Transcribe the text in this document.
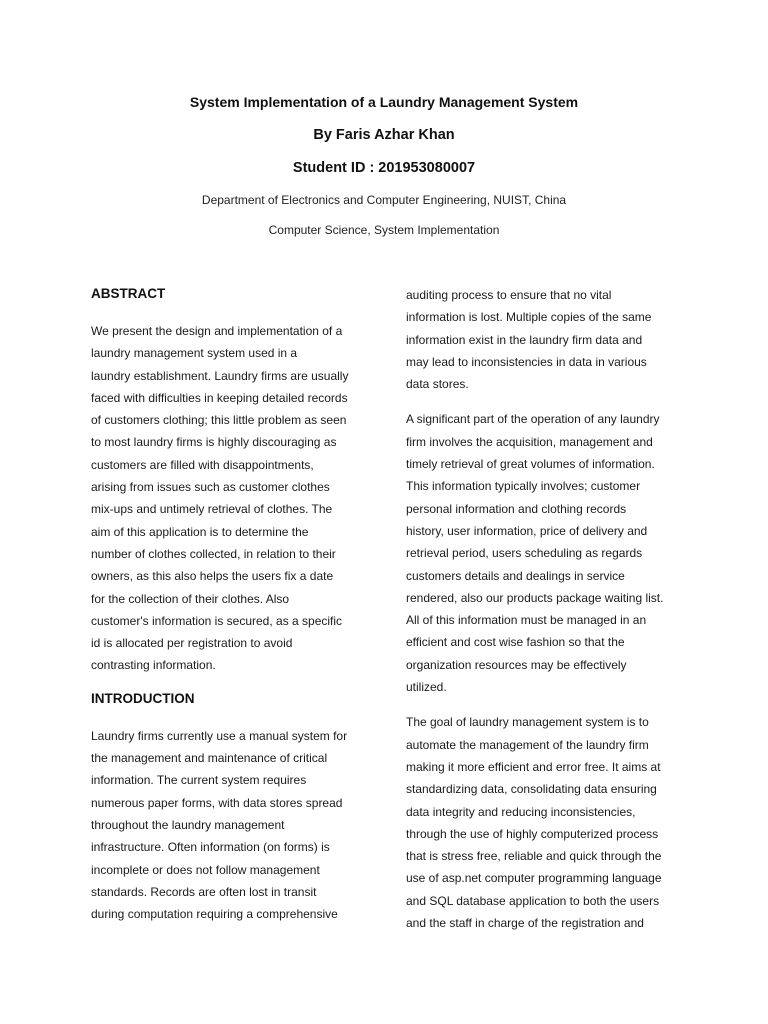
System Implementation of a Laundry Management System
By Faris Azhar Khan
Student ID : 201953080007
Department of Electronics and Computer Engineering, NUIST, China
Computer Science, System Implementation
ABSTRACT
We present the design and implementation of a
laundry management system used in a
laundry establishment. Laundry firms are usually
faced with difficulties in keeping detailed records
of customers clothing; this little problem as seen
to most laundry firms is highly discouraging as
customers are filled with disappointments,
arising from issues such as customer clothes
mix-ups and untimely retrieval of clothes. The
aim of this application is to determine the
number of clothes collected, in relation to their
owners, as this also helps the users fix a date
for the collection of their clothes. Also
customer's information is secured, as a specific
id is allocated per registration to avoid
contrasting information.
INTRODUCTION
Laundry firms currently use a manual system for
the management and maintenance of critical
information. The current system requires
numerous paper forms, with data stores spread
throughout the laundry management
infrastructure. Often information (on forms) is
incomplete or does not follow management
standards. Records are often lost in transit
during computation requiring a comprehensive
auditing process to ensure that no vital
information is lost. Multiple copies of the same
information exist in the laundry firm data and
may lead to inconsistencies in data in various
data stores.
A significant part of the operation of any laundry
firm involves the acquisition, management and
timely retrieval of great volumes of information.
This information typically involves; customer
personal information and clothing records
history, user information, price of delivery and
retrieval period, users scheduling as regards
customers details and dealings in service
rendered, also our products package waiting list.
All of this information must be managed in an
efficient and cost wise fashion so that the
organization resources may be effectively
utilized.
The goal of laundry management system is to
automate the management of the laundry firm
making it more efficient and error free. It aims at
standardizing data, consolidating data ensuring
data integrity and reducing inconsistencies,
through the use of highly computerized process
that is stress free, reliable and quick through the
use of asp.net computer programming language
and SQL database application to both the users
and the staff in charge of the registration and
